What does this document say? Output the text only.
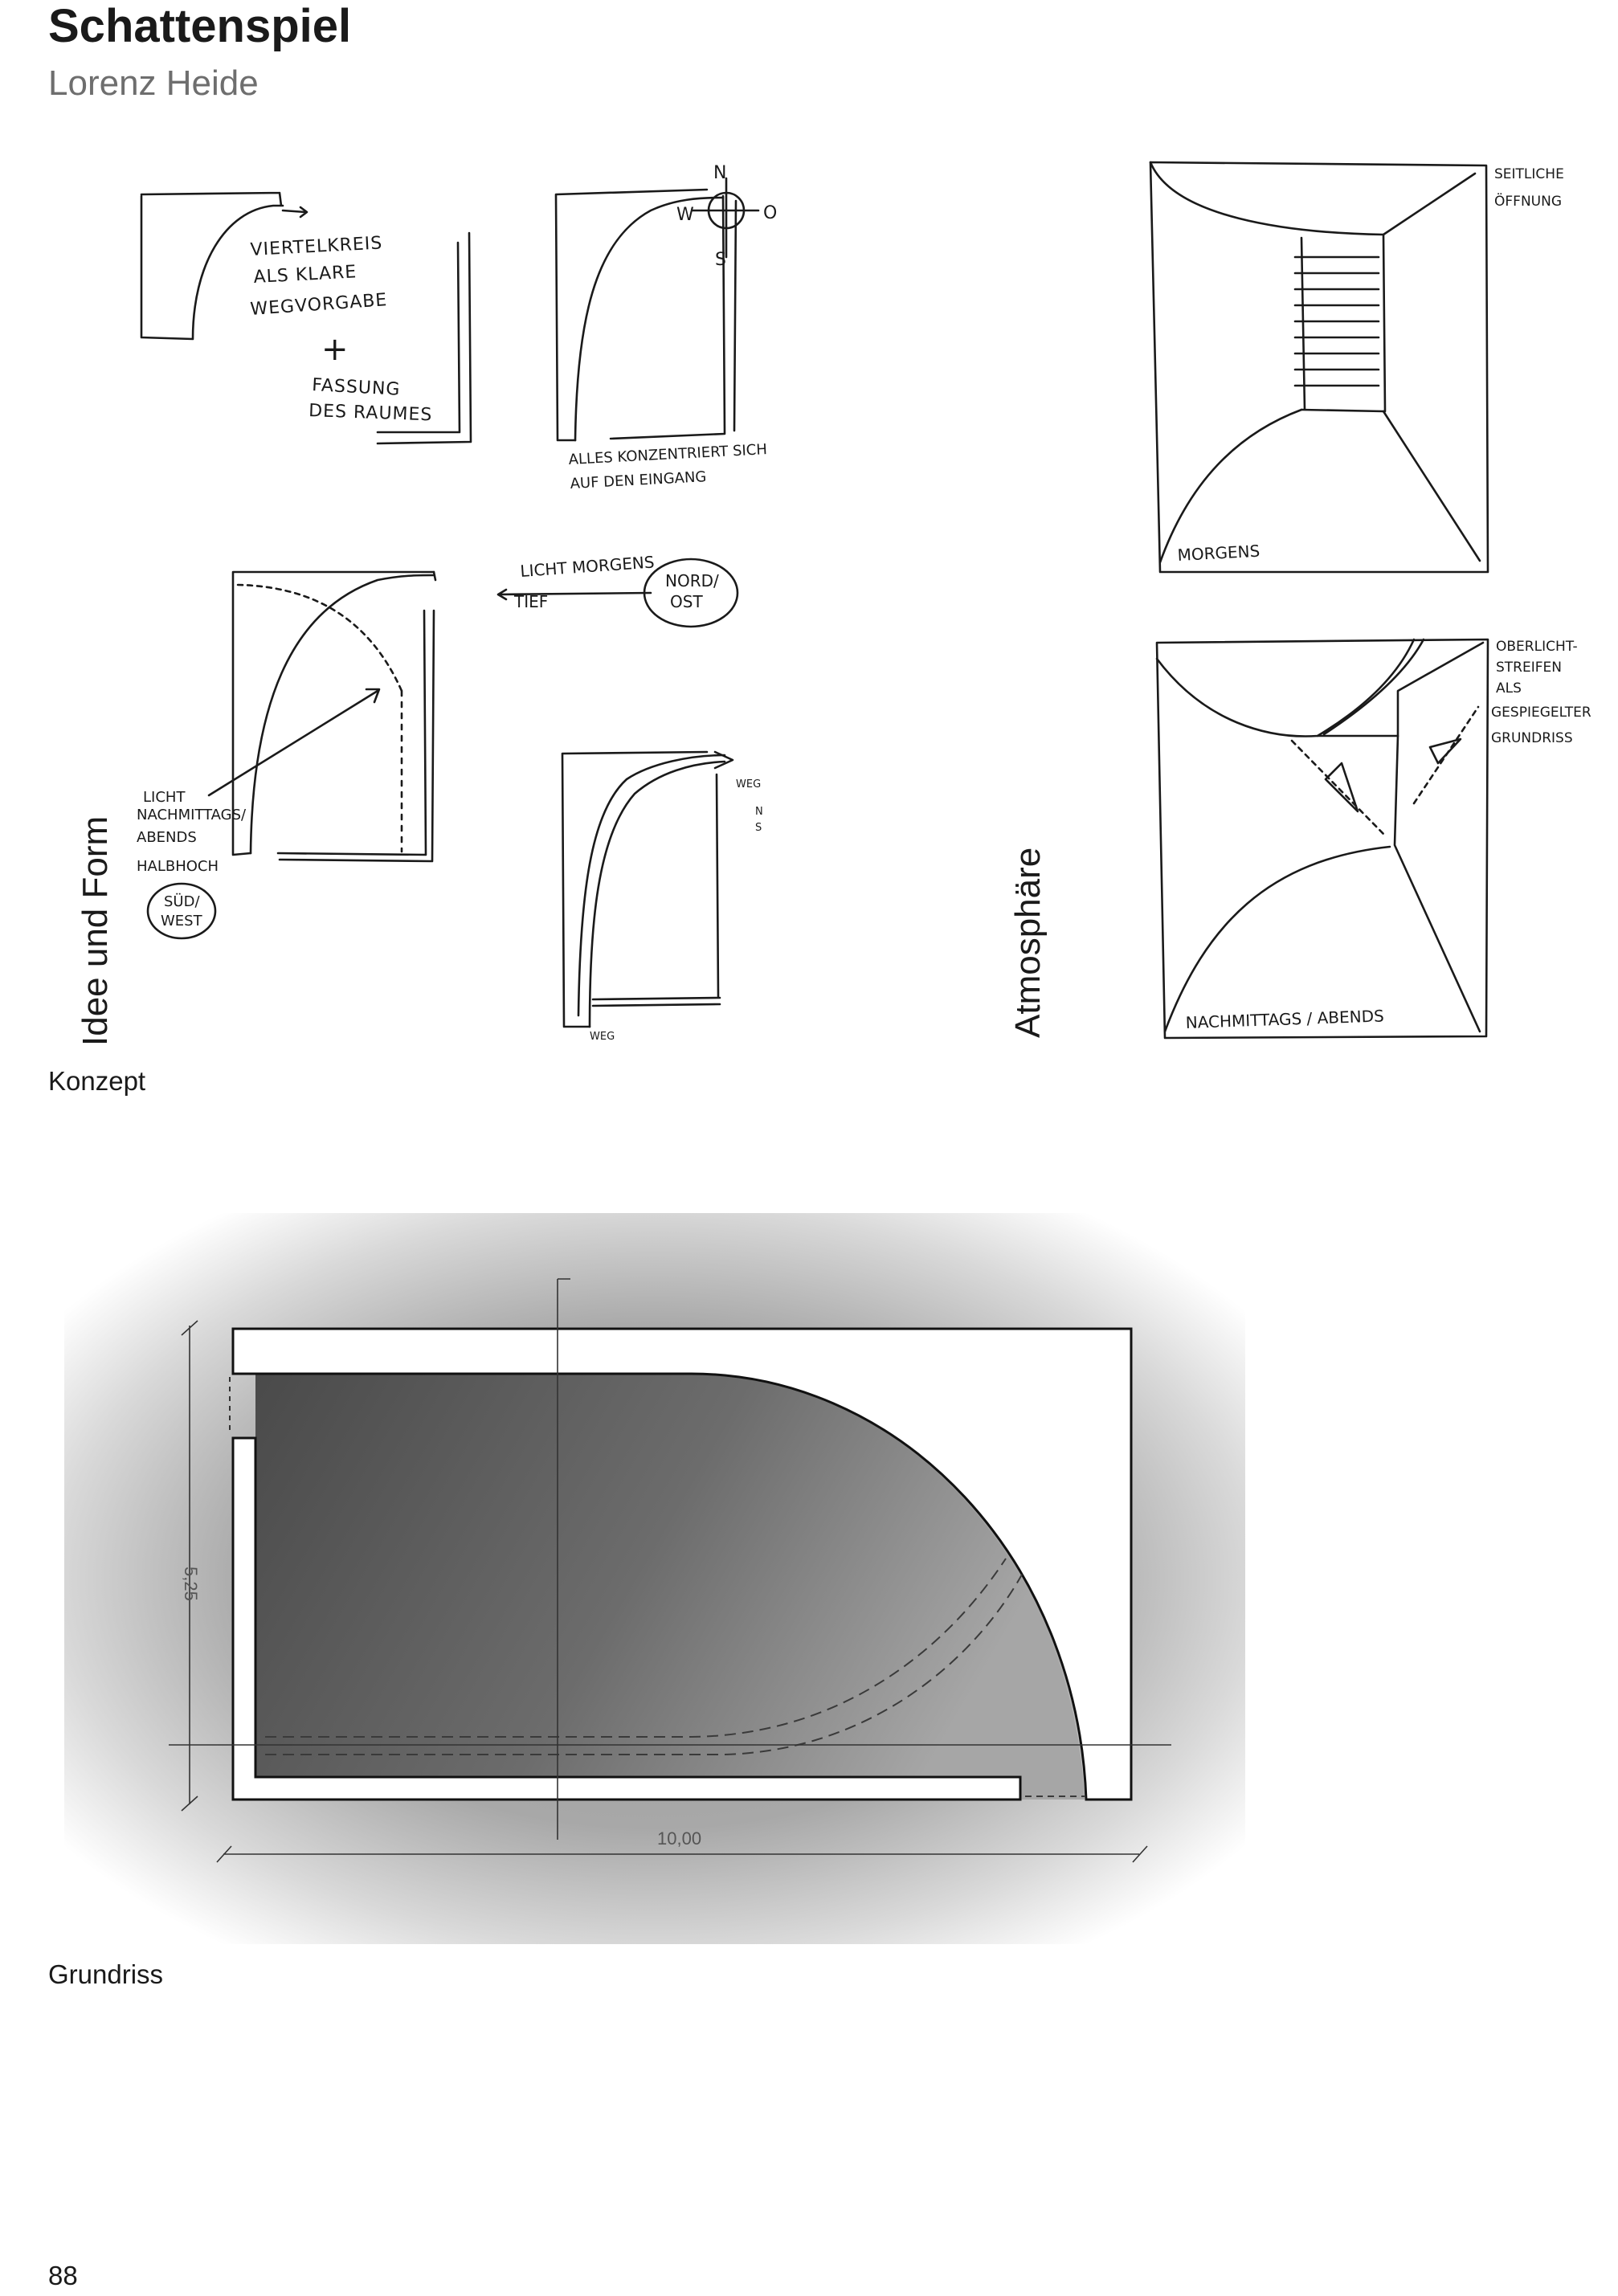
Schattenspiel
Lorenz Heide
Idee und Form	Atmosphäre
Konzept
Grundriss
88
VIERTELKREIS
ALS KLARE
WEGVORGABE
+
FASSUNG
DES RAUMES
N
O
S
W
ALLES KONZENTRIERT SICH
AUF DEN EINGANG
LICHT MORGENS
TIEF
NORD/
OST
LICHT
NACHMITTAGS/
ABENDS
HALBHOCH
SÜD/
WEST
WEG
N
S
WEG
SEITLICHE
ÖFFNUNG
MORGENS
OBERLICHT-
STREIFEN
ALS
GESPIEGELTER
GRUNDRISS
NACHMITTAGS / ABENDS
5,25
10,00
